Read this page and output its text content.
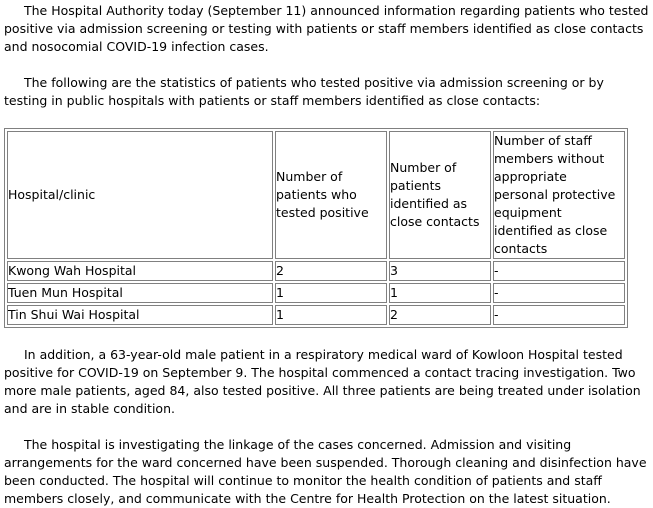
The Hospital Authority today (September 11) announced information regarding patients who tested positive via admission screening or testing with patients or staff members identified as close contacts and nosocomial COVID-19 infection cases.

The following are the statistics of patients who tested positive via admission screening or by testing in public hospitals with patients or staff members identified as close contacts:

Hospital/clinic	Number of patients who tested positive	Number of patients identified as close contacts	Number of staff members without appropriate personal protective equipment identified as close contacts
Kwong Wah Hospital	2	3	-
Tuen Mun Hospital	1	1	-
Tin Shui Wai Hospital	1	2	-

In addition, a 63-year-old male patient in a respiratory medical ward of Kowloon Hospital tested positive for COVID-19 on September 9. The hospital commenced a contact tracing investigation. Two more male patients, aged 84, also tested positive. All three patients are being treated under isolation and are in stable condition.

The hospital is investigating the linkage of the cases concerned. Admission and visiting arrangements for the ward concerned have been suspended. Thorough cleaning and disinfection have been conducted. The hospital will continue to monitor the health condition of patients and staff members closely, and communicate with the Centre for Health Protection on the latest situation.
